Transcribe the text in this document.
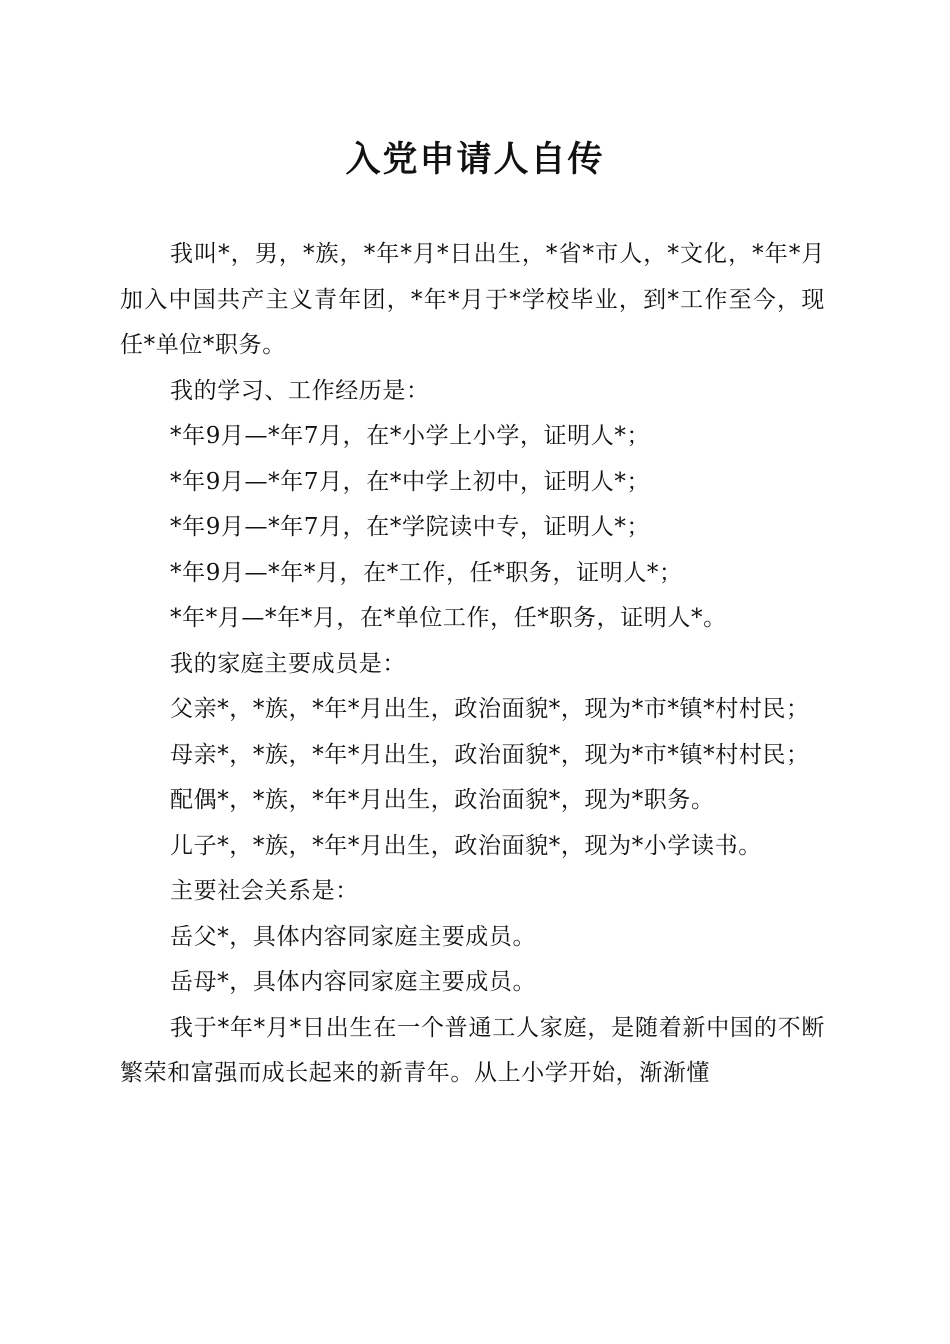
入党申请人自传

我叫*，男，*族，*年*月*日出生，*省*市人，*文化，*年*月加入中国共产主义青年团，*年*月于*学校毕业，到*工作至今，现任*单位*职务。

我的学习、工作经历是：

*年9月—*年7月，在*小学上小学，证明人*；

*年9月—*年7月，在*中学上初中，证明人*；

*年9月—*年7月，在*学院读中专，证明人*；

*年9月—*年*月，在*工作，任*职务，证明人*；

*年*月—*年*月，在*单位工作，任*职务，证明人*。

我的家庭主要成员是：

父亲*，*族，*年*月出生，政治面貌*，现为*市*镇*村村民；

母亲*，*族，*年*月出生，政治面貌*，现为*市*镇*村村民；

配偶*，*族，*年*月出生，政治面貌*，现为*职务。

儿子*，*族，*年*月出生，政治面貌*，现为*小学读书。

主要社会关系是：

岳父*，具体内容同家庭主要成员。

岳母*，具体内容同家庭主要成员。

我于*年*月*日出生在一个普通工人家庭，是随着新中国的不断繁荣和富强而成长起来的新青年。从上小学开始，渐渐懂
